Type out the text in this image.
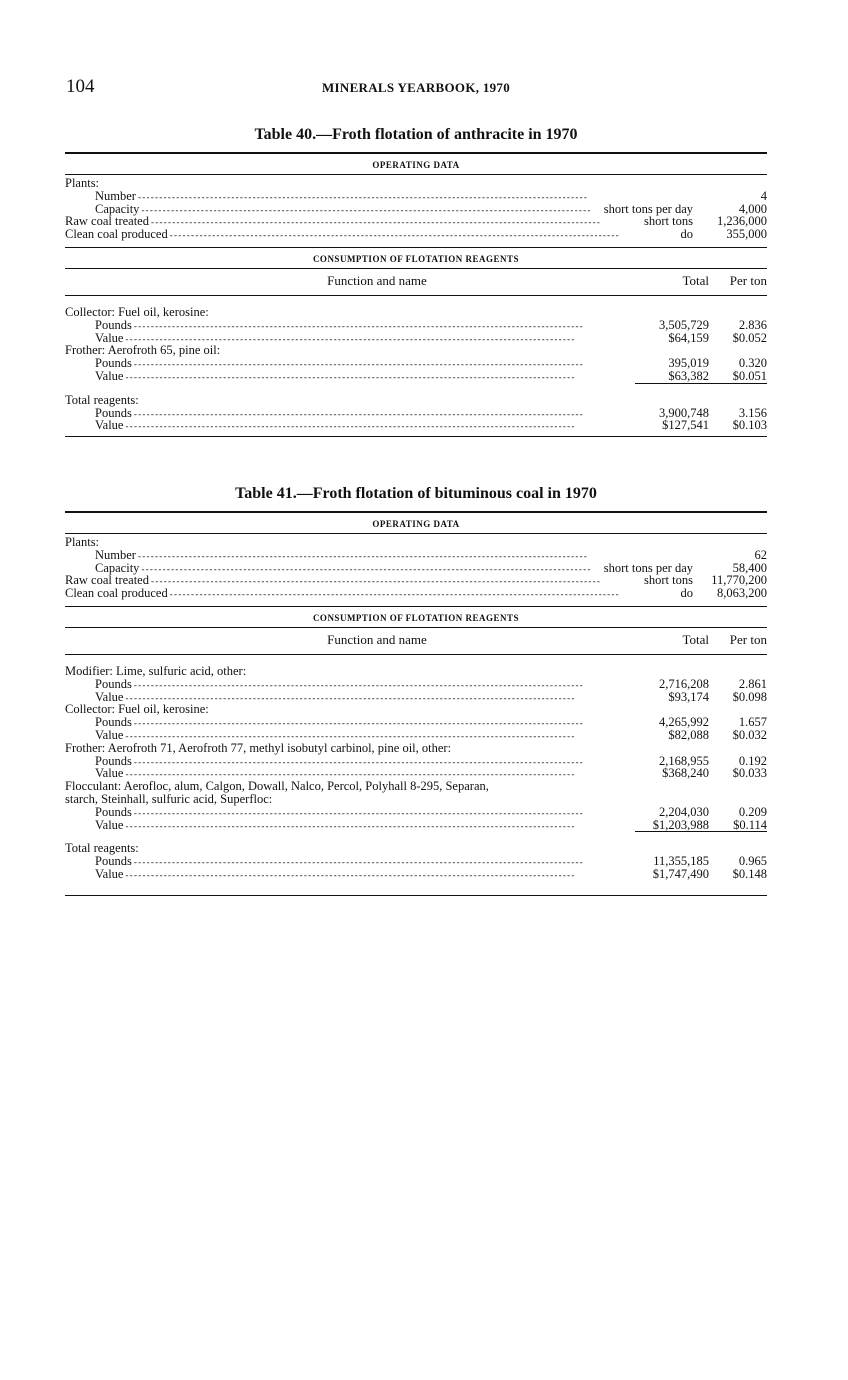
104	MINERALS YEARBOOK, 1970
Table 40.—Froth flotation of anthracite in 1970
OPERATING DATA
Plants:
Number - - -	4
Capacity - - -	short tons per day	4,000
Raw coal treated - - -	short tons	1,236,000
Clean coal produced - - -	do	355,000
CONSUMPTION OF FLOTATION REAGENTS
Function and name	Total	Per ton
Collector: Fuel oil, kerosine:
Pounds - - -	3,505,729	2.836
Value - - -	$64,159	$0.052
Frother: Aerofroth 65, pine oil:
Pounds - - -	395,019	0.320
Value - - -	$63,382	$0.051
Total reagents:
Pounds - - -	3,900,748	3.156
Value - - -	$127,541	$0.103
Table 41.—Froth flotation of bituminous coal in 1970
OPERATING DATA
Plants:
Number - - -	62
Capacity - - -	short tons per day	58,400
Raw coal treated - - -	short tons	11,770,200
Clean coal produced - - -	do	8,063,200
CONSUMPTION OF FLOTATION REAGENTS
Function and name	Total	Per ton
Modifier: Lime, sulfuric acid, other:
Pounds - - -	2,716,208	2.861
Value - - -	$93,174	$0.098
Collector: Fuel oil, kerosine:
Pounds - - -	4,265,992	1.657
Value - - -	$82,088	$0.032
Frother: Aerofroth 71, Aerofroth 77, methyl isobutyl carbinol, pine oil, other:
Pounds - - -	2,168,955	0.192
Value - - -	$368,240	$0.033
Flocculant: Aerofloc, alum, Calgon, Dowall, Nalco, Percol, Polyhall 8-295, Separan,
starch, Steinhall, sulfuric acid, Superfloc:
Pounds - - -	2,204,030	0.209
Value - - -	$1,203,988	$0.114
Total reagents:
Pounds - - -	11,355,185	0.965
Value - - -	$1,747,490	$0.148
